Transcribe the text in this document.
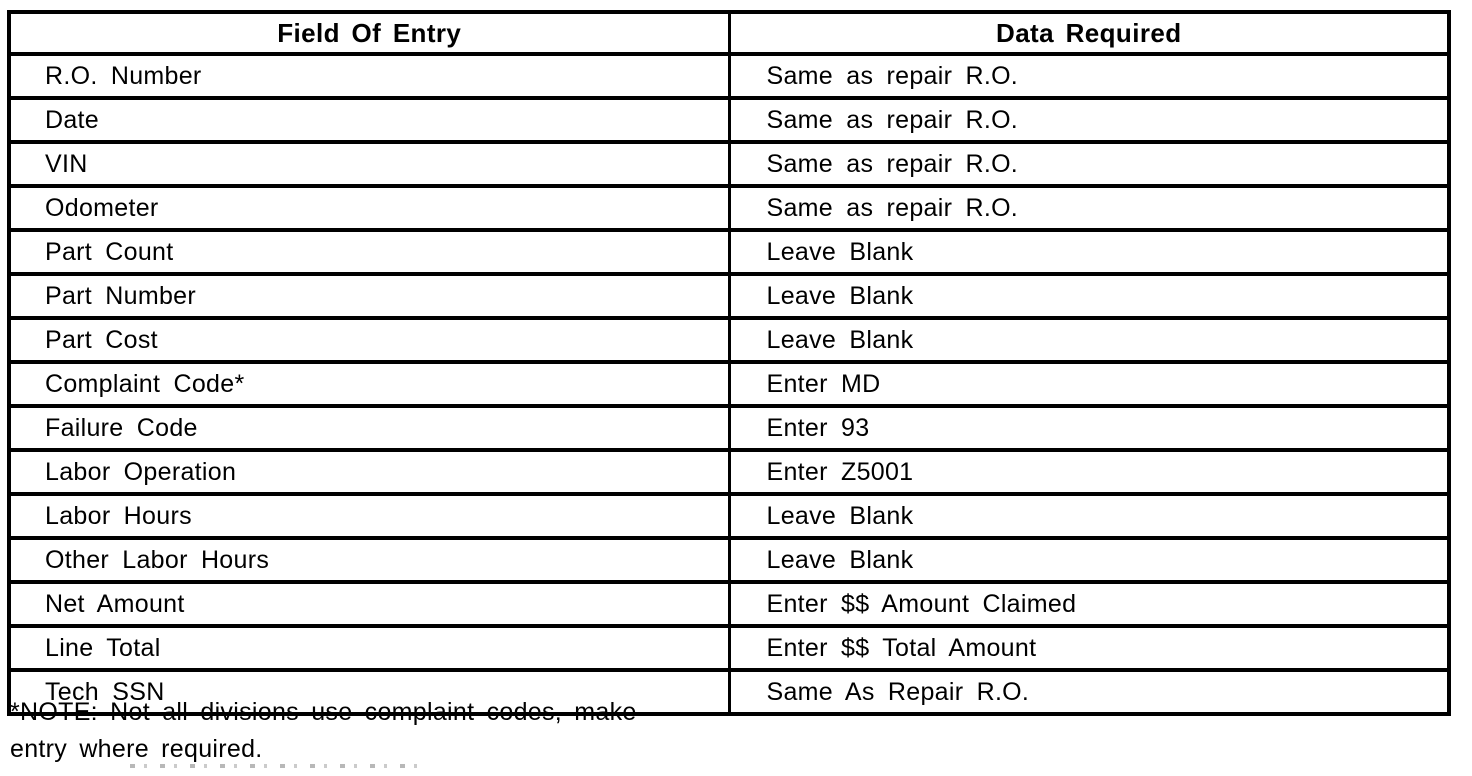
Field Of Entry	Data Required
R.O. Number	Same as repair R.O.
Date	Same as repair R.O.
VIN	Same as repair R.O.
Odometer	Same as repair R.O.
Part Count	Leave Blank
Part Number	Leave Blank
Part Cost	Leave Blank
Complaint Code*	Enter MD
Failure Code	Enter 93
Labor Operation	Enter Z5001
Labor Hours	Leave Blank
Other Labor Hours	Leave Blank
Net Amount	Enter $$ Amount Claimed
Line Total	Enter $$ Total Amount
Tech SSN	Same As Repair R.O.
*NOTE: Not all divisions use complaint codes, make
entry where required.
